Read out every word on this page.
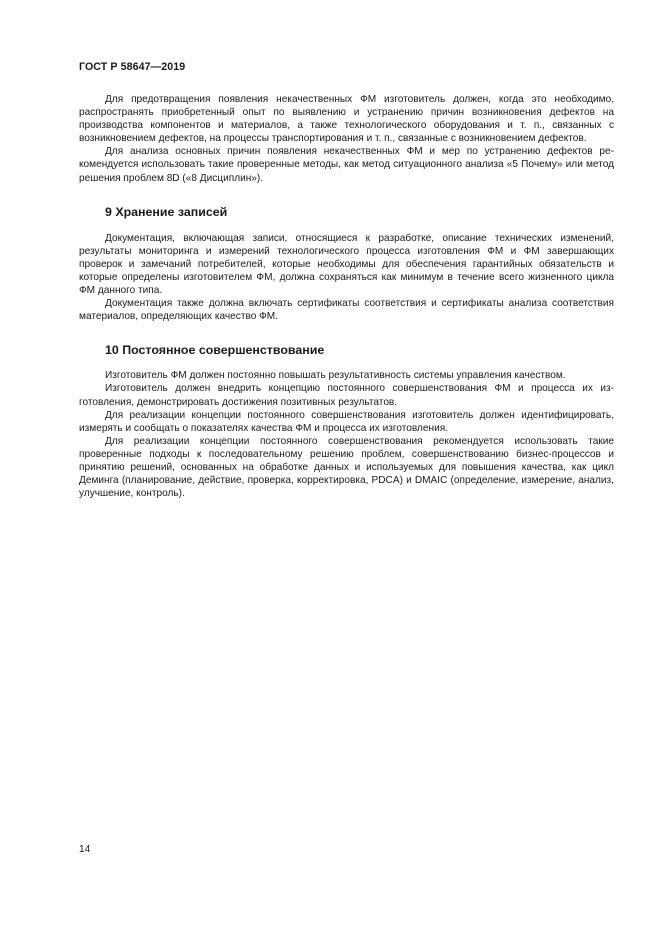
ГОСТ Р 58647—2019

Для предотвращения появления некачественных ФМ изготовитель должен, когда это необходимо, распространять приобретенный опыт по выявлению и устранению причин возникновения дефектов на производства компонентов и материалов, а также технологического оборудования и т. п., связанных с возникновением дефектов, на процессы транспортирования и т. п., связанные с возникновением дефектов.

Для анализа основных причин появления некачественных ФМ и мер по устранению дефектов рекомендуется использовать такие проверенные методы, как метод ситуационного анализа «5 Почему» или метод решения проблем 8D («8 Дисциплин»).

9 Хранение записей

Документация, включающая записи, относящиеся к разработке, описание технических изменений, результаты мониторинга и измерений технологического процесса изготовления ФМ и ФМ завершающих проверок и замечаний потребителей, которые необходимы для обеспечения гарантийных обязательств и которые определены изготовителем ФМ, должна сохраняться как минимум в течение всего жизненного цикла ФМ данного типа.

Документация также должна включать сертификаты соответствия и сертификаты анализа соответствия материалов, определяющих качество ФМ.

10 Постоянное совершенствование

Изготовитель ФМ должен постоянно повышать результативность системы управления качеством.

Изготовитель должен внедрить концепцию постоянного совершенствования ФМ и процесса их изготовления, демонстрировать достижения позитивных результатов.

Для реализации концепции постоянного совершенствования изготовитель должен идентифицировать, измерять и сообщать о показателях качества ФМ и процесса их изготовления.

Для реализации концепции постоянного совершенствования рекомендуется использовать такие проверенные подходы к последовательному решению проблем, совершенствованию бизнес-процессов и принятию решений, основанных на обработке данных и используемых для повышения качества, как цикл Деминга (планирование, действие, проверка, корректировка, PDCA) и DMAIC (определение, измерение, анализ, улучшение, контроль).

14
